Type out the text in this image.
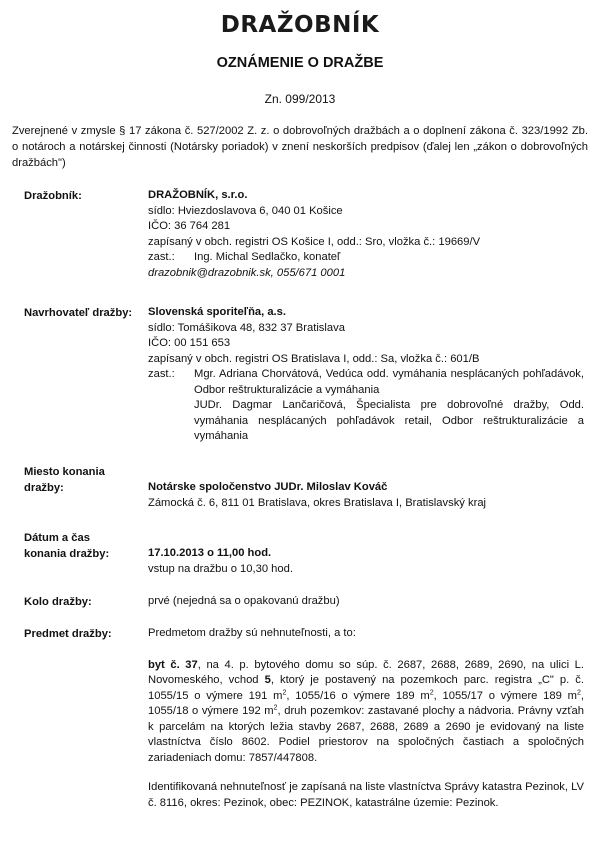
DRAŽOBNÍK
OZNÁMENIE O DRAŽBE
Zn. 099/2013
Zverejnené v zmysle § 17 zákona č. 527/2002 Z. z. o dobrovoľných dražbách a o doplnení zákona č. 323/1992 Zb. o notároch a notárskej činnosti (Notársky poriadok) v znení neskorších predpisov (ďalej len „zákon o dobrovoľných dražbách")
Dražobník:	DRAŽOBNÍK, s.r.o.

sídlo: Hviezdoslavova 6, 040 01 Košice

IČO: 36 764 281

zapísaný v obch. registri OS Košice I, odd.: Sro, vložka č.: 19669/V

zast.:	Ing. Michal Sedlačko, konateľ

drazobnik@drazobnik.sk, 055/671 0001

Navrhovateľ dražby:	Slovenská sporiteľňa, a.s.

sídlo: Tomášikova 48, 832 37 Bratislava

IČO: 00 151 653

zapísaný v obch. registri OS Bratislava I, odd.: Sa, vložka č.: 601/B

zast.:	Mgr. Adriana Chorvátová, Vedúca odd. vymáhania nesplácaných pohľadávok, Odbor reštrukturalizácie a vymáhania
JUDr. Dagmar Lančaričová, Špecialista pre dobrovoľné dražby, Odd. vymáhania nesplácaných pohľadávok retail, Odbor reštrukturalizácie a vymáhania
Miesto konania
dražby:	Notárske spoločenstvo JUDr. Miloslav Kováč

Zámocká č. 6, 811 01 Bratislava, okres Bratislava I, Bratislavský kraj

Dátum a čas
konania dražby:	17.10.2013 o 11,00 hod.

vstup na dražbu o 10,30 hod.

Kolo dražby:	prvé (nejedná sa o opakovanú dražbu)

Predmet dražby:	Predmetom dražby sú nehnuteľnosti, a to:

byt č. 37, na 4. p. bytového domu so súp. č. 2687, 2688, 2689, 2690, na ulici L. Novomeského, vchod 5, ktorý je postavený na pozemkoch parc. registra „C" p. č. 1055/15 o výmere 191 $m^2$, 1055/16 o výmere 189 $m^2$, 1055/17 o výmere 189 $m^2$, 1055/18 o výmere 192 $m^2$, druh pozemkov: zastavané plochy a nádvoria. Právny vzťah k parcelám na ktorých ležia stavby 2687, 2688, 2689 a 2690 je evidovaný na liste vlastníctva číslo 8602. Podiel priestorov na spoločných častiach a spoločných zariadeniach domu: 7857/447808.

Identifikovaná nehnuteľnosť je zapísaná na liste vlastníctva Správy katastra Pezinok, LV č. 8116, okres: Pezinok, obec: PEZINOK, katastrálne územie: Pezinok.
